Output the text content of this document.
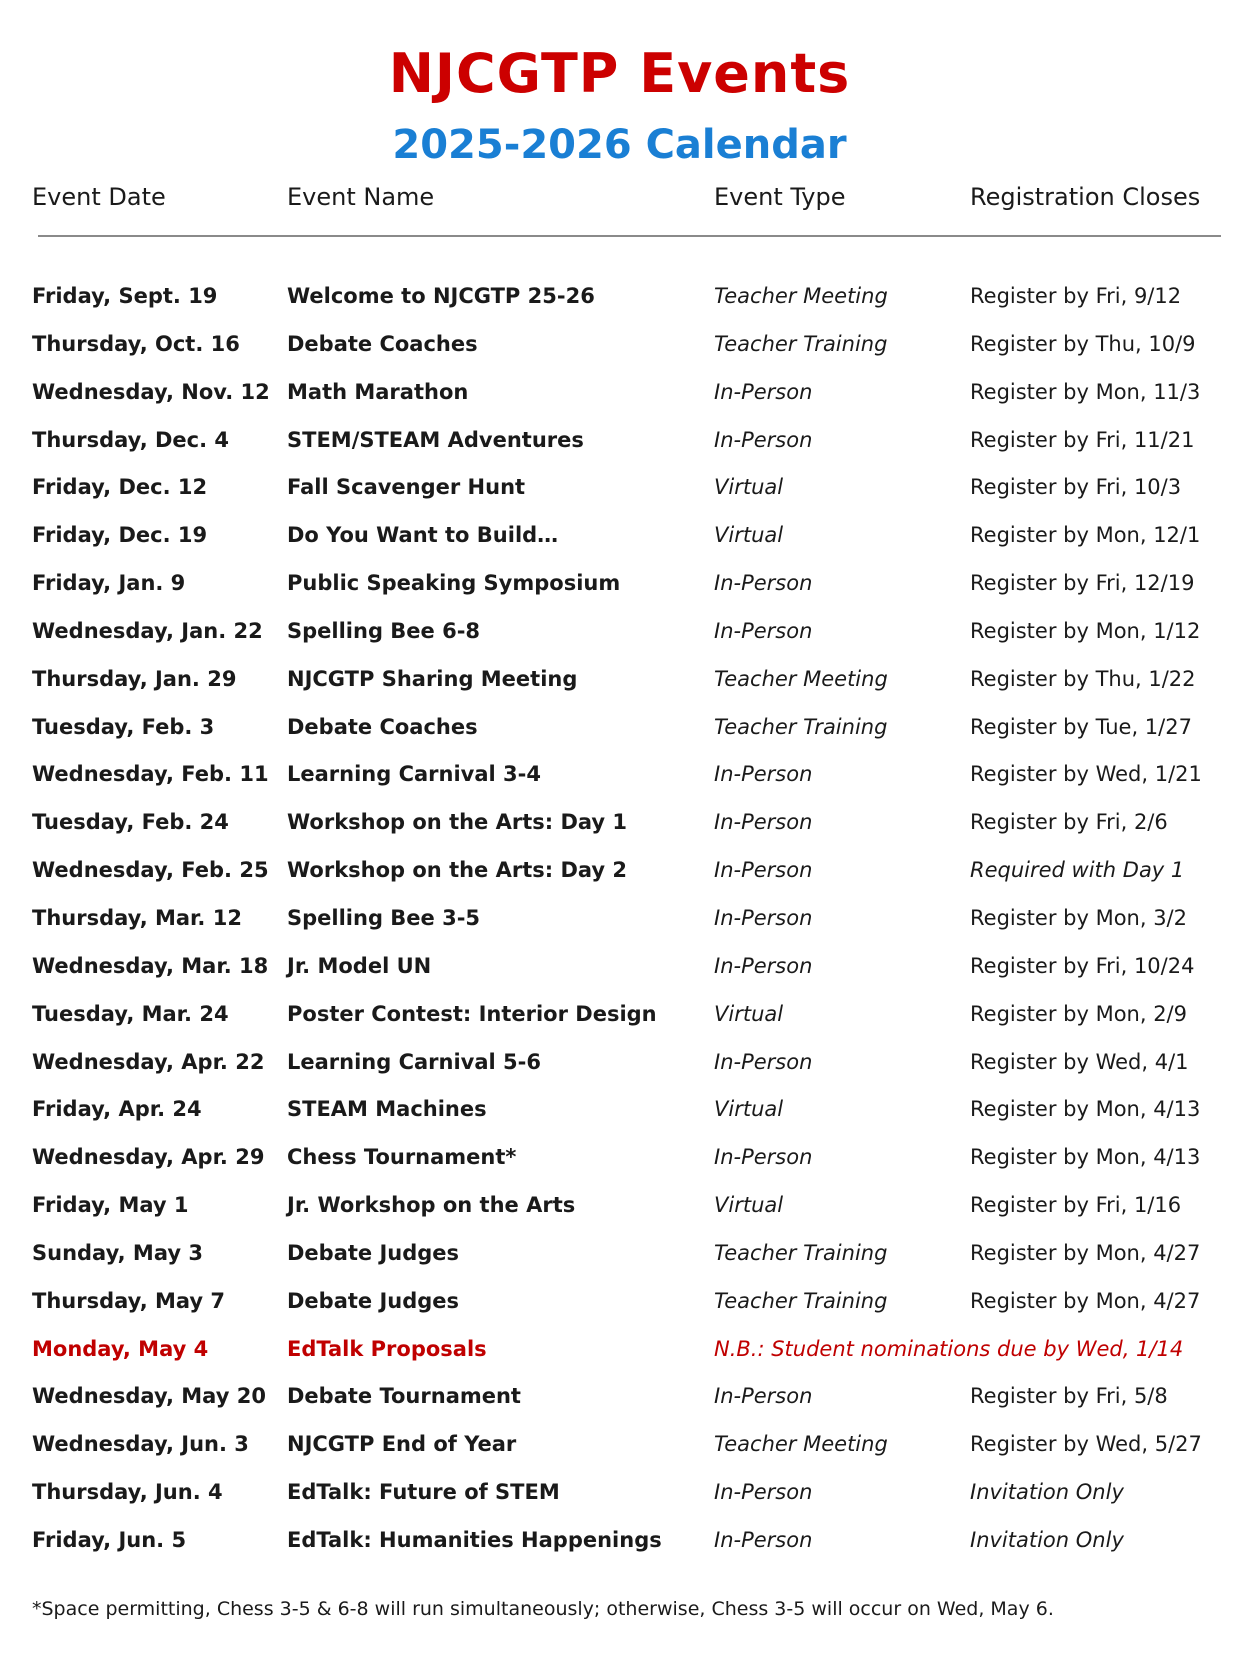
NJCGTP Events
2025-2026 Calendar
Event Date	Event Name	Event Type	Registration Closes
Friday, Sept. 19	Welcome to NJCGTP 25-26	Teacher Meeting	Register by Fri, 9/12
Thursday, Oct. 16 Debate Coaches	Teacher Training	Register by Thu, 10/9
Wednesday, Nov. 12 Math Marathon	In-Person	Register by Mon, 11/3
Thursday, Dec. 4	STEM/STEAM Adventures	In-Person	Register by Fri, 11/21
Friday, Dec. 12	Fall Scavenger Hunt	Virtual	Register by Fri, 10/3
Friday, Dec. 19	Do You Want to Build…	Virtual	Register by Mon, 12/1
Friday, Jan. 9	Public Speaking Symposium	In-Person	Register by Fri, 12/19
Wednesday, Jan. 22 Spelling Bee 6-8	In-Person	Register by Mon, 1/12
Thursday, Jan. 29 NJCGTP Sharing Meeting	Teacher Meeting	Register by Thu, 1/22
Tuesday, Feb. 3	Debate Coaches	Teacher Training	Register by Tue, 1/27
Wednesday, Feb. 11 Learning Carnival 3-4	In-Person	Register by Wed, 1/21
Tuesday, Feb. 24	Workshop on the Arts: Day 1	In-Person	Register by Fri, 2/6
Wednesday, Feb. 25 Workshop on the Arts: Day 2	In-Person	Required with Day 1
Thursday, Mar. 12 Spelling Bee 3-5	In-Person	Register by Mon, 3/2
Wednesday, Mar. 18 Jr. Model UN	In-Person	Register by Fri, 10/24
Tuesday, Mar. 24	Poster Contest: Interior Design	Virtual	Register by Mon, 2/9
Wednesday, Apr. 22 Learning Carnival 5-6	In-Person	Register by Wed, 4/1
Friday, Apr. 24	STEAM Machines	Virtual	Register by Mon, 4/13
Wednesday, Apr. 29 Chess Tournament*	In-Person	Register by Mon, 4/13
Friday, May 1	Jr. Workshop on the Arts	Virtual	Register by Fri, 1/16
Sunday, May 3	Debate Judges	Teacher Training	Register by Mon, 4/27
Thursday, May 7	Debate Judges	Teacher Training	Register by Mon, 4/27
Monday, May 4	EdTalk Proposals	N.B.: Student nominations due by Wed, 1/14
Wednesday, May 20 Debate Tournament	In-Person	Register by Fri, 5/8
Wednesday, Jun. 3 NJCGTP End of Year	Teacher Meeting	Register by Wed, 5/27
Thursday, Jun. 4	EdTalk: Future of STEM	In-Person	Invitation Only
Friday, Jun. 5	EdTalk: Humanities Happenings In-Person	Invitation Only

*Space permitting, Chess 3-5 & 6-8 will run simultaneously; otherwise, Chess 3-5 will occur on Wed, May 6.
